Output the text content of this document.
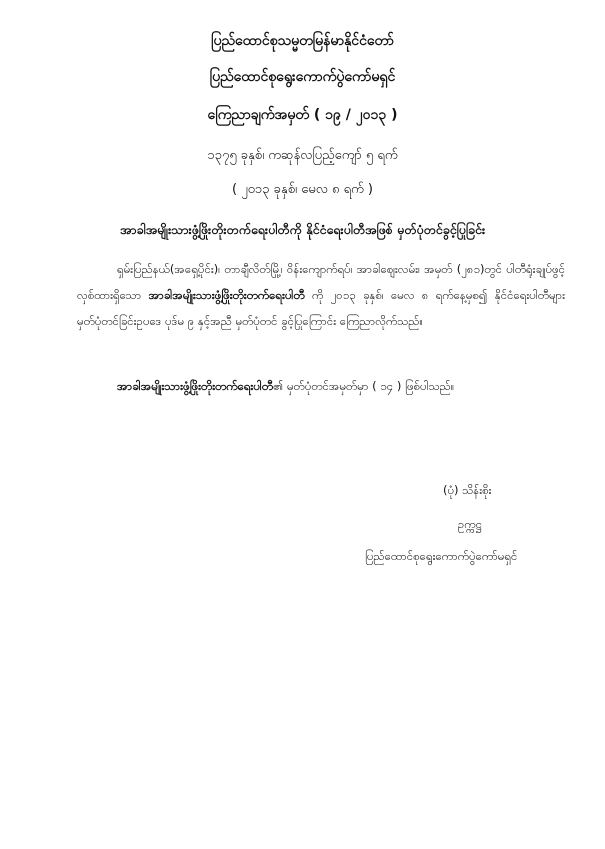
ပြည်ထောင်စုသမ္မတမြန်မာနိုင်ငံတော်
ပြည်ထောင်စုရွေးကောက်ပွဲကော်မရှင်
ကြေညာချက်အမှတ် ( ၁၉ / ၂၀၁၃ )
၁၃၇၅ ခုနှစ်၊ ကဆုန်လပြည့်ကျော် ၅ ရက်
( ၂၀၁၃ ခုနှစ်၊ မေလ ၈ ရက် )
အာခါအမျိုးသားဖွံ့ဖြိုးတိုးတက်ရေးပါတီကို နိုင်ငံရေးပါတီအဖြစ် မှတ်ပုံတင်ခွင့်ပြုခြင်း
ရှမ်းပြည်နယ်(အရှေ့ပိုင်း)၊ တာချီလိတ်မြို့၊ ဝိန်းကျောက်ရပ်၊ အာခါဈေးလမ်း၊ အမှတ် (၂၈၁)တွင် ပါတီရုံးချုပ်ဖွင့်လှစ်ထားရှိသော အာခါအမျိုးသားဖွံ့ဖြိုးတိုးတက်ရေးပါတီ ကို ၂၀၁၃ ခုနှစ်၊ မေလ ၈ ရက်နေ့မှစ၍ နိုင်ငံရေးပါတီများမှတ်ပုံတင်ခြင်းဥပဒေ ပုဒ်မ ၉ နှင့်အညီ မှတ်ပုံတင် ခွင့်ပြုကြောင်း ကြေညာလိုက်သည်။
အာခါအမျိုးသားဖွံ့ဖြိုးတိုးတက်ရေးပါတီ၏ မှတ်ပုံတင်အမှတ်မှာ ( ၁၄ ) ဖြစ်ပါသည်။
(ပုံ) သိန်းစိုး
ဥက္ကဋ္ဌ
ပြည်ထောင်စုရွေးကောက်ပွဲကော်မရှင်
